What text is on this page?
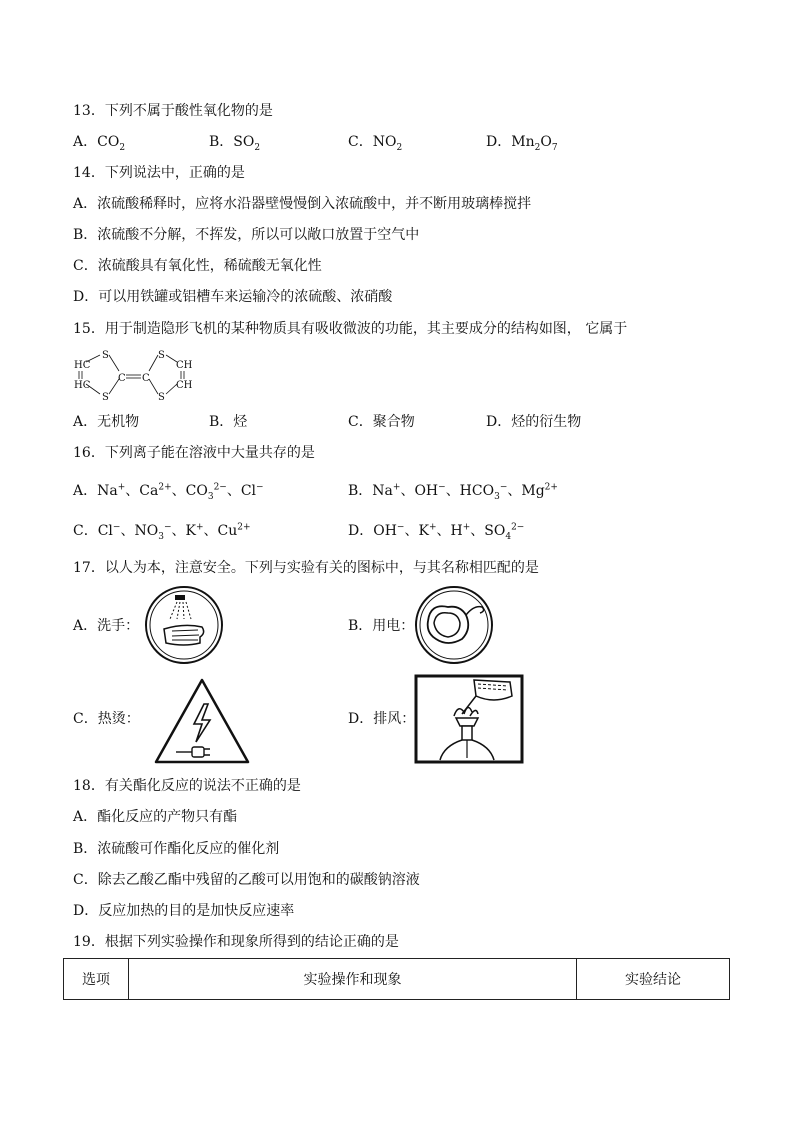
13．下列不属于酸性氧化物的是
A．$CO_2$	B．$SO_2$	C．$NO_2$	D．$Mn_2O_7$
14．下列说法中，正确的是
A．浓硫酸稀释时，应将水沿器壁慢慢倒入浓硫酸中，并不断用玻璃棒搅拌
B．浓硫酸不分解，不挥发，所以可以敞口放置于空气中
C．浓硫酸具有氧化性，稀硫酸无氧化性
D．可以用铁罐或铝槽车来运输冷的浓硫酸、浓硝酸
15．用于制造隐形飞机的某种物质具有吸收微波的功能，其主要成分的结构如图， 它属于
HC
HC
S
S
C C
S
S
CH
CH
A．无机物	B．烃	C．聚合物	D．烃的衍生物
16．下列离子能在溶液中大量共存的是
A．Na+、$Ca^{2+}$、$CO_3^{2-}$、Cl−	B．Na+、OH−、$HCO_3^-$、$Mg^{2+}$
C．Cl−、$NO_3^-$、K+、$Cu^{2+}$	D．OH−、K+、H+、$SO_4^{2-}$
17．以人为本，注意安全。下列与实验有关的图标中，与其名称相匹配的是
A．洗手：	B．用电：
C．热烫：	D．排风：
18．有关酯化反应的说法不正确的是
A．酯化反应的产物只有酯
B．浓硫酸可作酯化反应的催化剂
C．除去乙酸乙酯中残留的乙酸可以用饱和的碳酸钠溶液
D．反应加热的目的是加快反应速率
19．根据下列实验操作和现象所得到的结论正确的是
选项	实验操作和现象	实验结论
